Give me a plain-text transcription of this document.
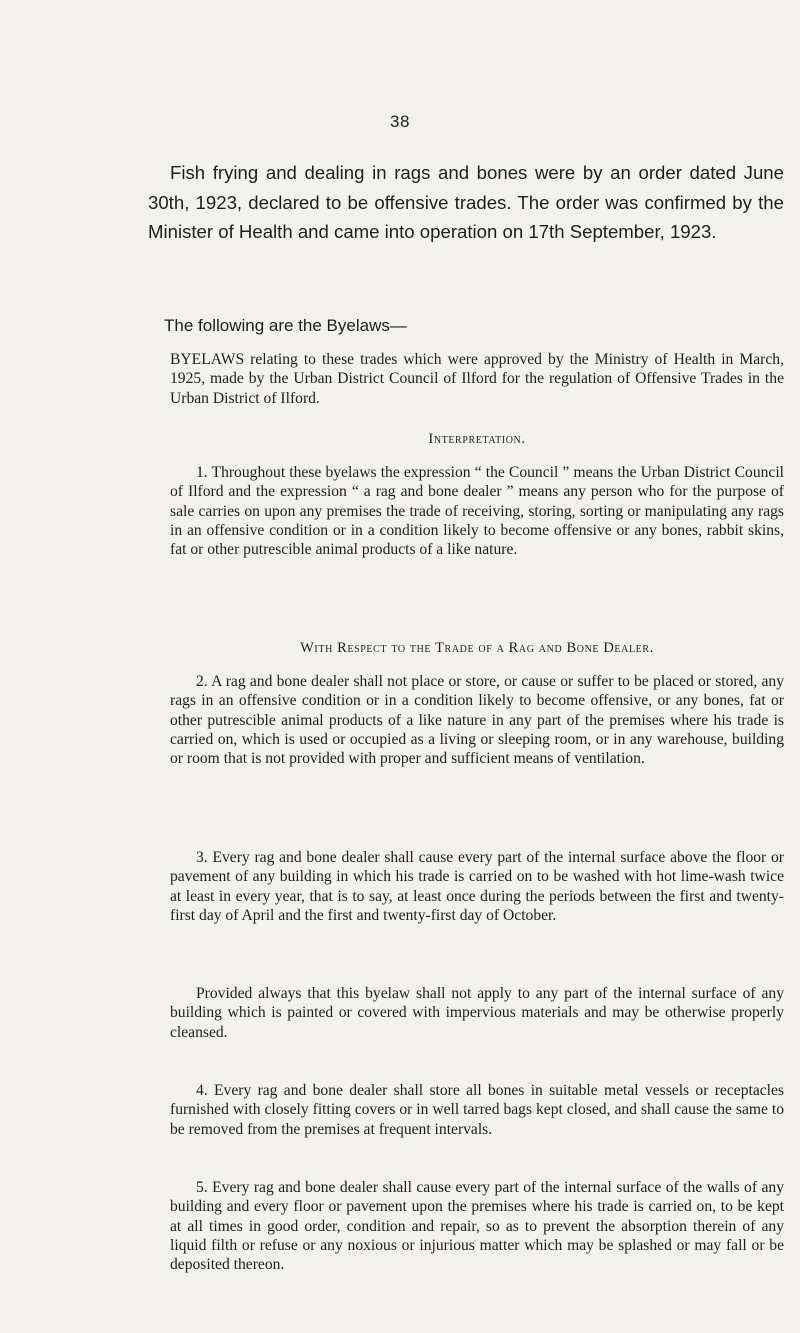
38

Fish frying and dealing in rags and bones were by an order dated June 30th, 1923, declared to be offensive trades. The order was confirmed by the Minister of Health and came into operation on 17th September, 1923.

The following are the Byelaws—

BYELAWS relating to these trades which were approved by the Ministry of Health in March, 1925, made by the Urban District Council of Ilford for the regulation of Offensive Trades in the Urban District of Ilford.

Interpretation.

1. Throughout these byelaws the expression “ the Council ” means the Urban District Council of Ilford and the expression “ a rag and bone dealer ” means any person who for the purpose of sale carries on upon any premises the trade of receiving, storing, sorting or manipulating any rags in an offensive condition or in a condition likely to become offensive or any bones, rabbit skins, fat or other putrescible animal products of a like nature.

With Respect to the Trade of a Rag and Bone Dealer.

2. A rag and bone dealer shall not place or store, or cause or suffer to be placed or stored, any rags in an offensive condition or in a condition likely to become offensive, or any bones, fat or other putrescible animal products of a like nature in any part of the premises where his trade is carried on, which is used or occupied as a living or sleeping room, or in any warehouse, building or room that is not provided with proper and sufficient means of ventilation.

3. Every rag and bone dealer shall cause every part of the internal surface above the floor or pavement of any building in which his trade is carried on to be washed with hot lime-wash twice at least in every year, that is to say, at least once during the periods between the first and twenty-first day of April and the first and twenty-first day of October.

Provided always that this byelaw shall not apply to any part of the internal surface of any building which is painted or covered with impervious materials and may be otherwise properly cleansed.

4. Every rag and bone dealer shall store all bones in suitable metal vessels or receptacles furnished with closely fitting covers or in well tarred bags kept closed, and shall cause the same to be removed from the premises at frequent intervals.

5. Every rag and bone dealer shall cause every part of the internal surface of the walls of any building and every floor or pavement upon the premises where his trade is carried on, to be kept at all times in good order, condition and repair, so as to prevent the absorption therein of any liquid filth or refuse or any noxious or injurious matter which may be splashed or may fall or be deposited thereon.
